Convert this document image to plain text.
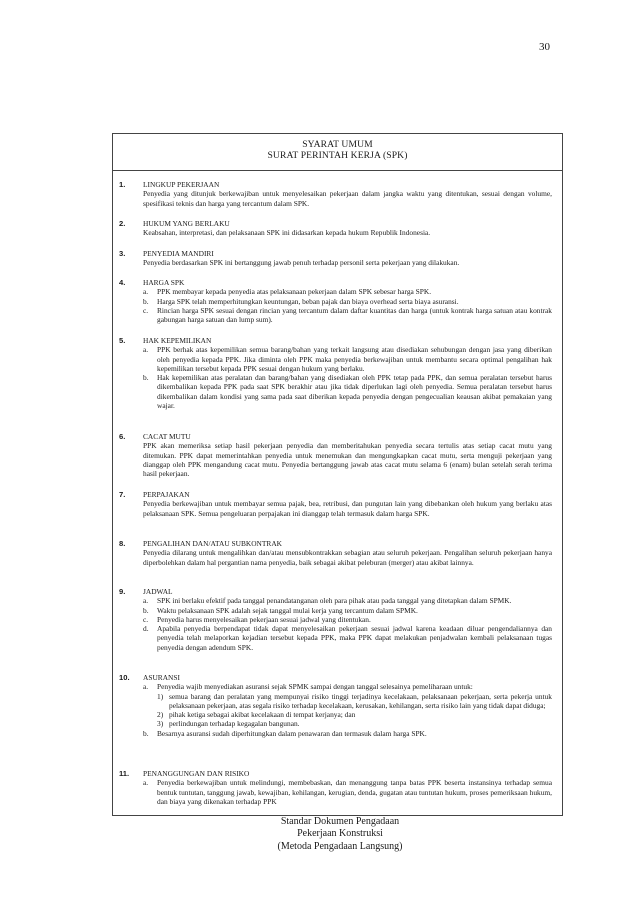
30
SYARAT UMUM
SURAT PERINTAH KERJA (SPK)
1. LINGKUP PEKERJAAN
Penyedia yang ditunjuk berkewajiban untuk menyelesaikan pekerjaan dalam jangka waktu yang ditentukan, sesuai dengan volume, spesifikasi teknis dan harga yang tercantum dalam SPK.
2. HUKUM YANG BERLAKU
Keabsahan, interpretasi, dan pelaksanaan SPK ini didasarkan kepada hukum Republik Indonesia.
3. PENYEDIA MANDIRI
Penyedia berdasarkan SPK ini bertanggung jawab penuh terhadap personil serta pekerjaan yang dilakukan.
4. HARGA SPK
a. PPK membayar kepada penyedia atas pelaksanaan pekerjaan dalam SPK sebesar harga SPK.
b. Harga SPK telah memperhitungkan keuntungan, beban pajak dan biaya overhead serta biaya asuransi.
c. Rincian harga SPK sesuai dengan rincian yang tercantum dalam daftar kuantitas dan harga (untuk kontrak harga satuan atau kontrak gabungan harga satuan dan lump sum).
5. HAK KEPEMILIKAN
a. PPK berhak atas kepemilikan semua barang/bahan yang terkait langsung atau disediakan sehubungan dengan jasa yang diberikan oleh penyedia kepada PPK. Jika diminta oleh PPK maka penyedia berkewajiban untuk membantu secara optimal pengalihan hak kepemilikan tersebut kepada PPK sesuai dengan hukum yang berlaku.
b. Hak kepemilikan atas peralatan dan barang/bahan yang disediakan oleh PPK tetap pada PPK, dan semua peralatan tersebut harus dikembalikan kepada PPK pada saat SPK berakhir atau jika tidak diperlukan lagi oleh penyedia. Semua peralatan tersebut harus dikembalikan dalam kondisi yang sama pada saat diberikan kepada penyedia dengan pengecualian keausan akibat pemakaian yang wajar.
6. CACAT MUTU
PPK akan memeriksa setiap hasil pekerjaan penyedia dan memberitahukan penyedia secara tertulis atas setiap cacat mutu yang ditemukan. PPK dapat memerintahkan penyedia untuk menemukan dan mengungkapkan cacat mutu, serta menguji pekerjaan yang dianggap oleh PPK mengandung cacat mutu. Penyedia bertanggung jawab atas cacat mutu selama 6 (enam) bulan setelah serah terima hasil pekerjaan.
7. PERPAJAKAN
Penyedia berkewajiban untuk membayar semua pajak, bea, retribusi, dan pungutan lain yang dibebankan oleh hukum yang berlaku atas pelaksanaan SPK. Semua pengeluaran perpajakan ini dianggap telah termasuk dalam harga SPK.
8. PENGALIHAN DAN/ATAU SUBKONTRAK
Penyedia dilarang untuk mengalihkan dan/atau mensubkontrakkan sebagian atau seluruh pekerjaan. Pengalihan seluruh pekerjaan hanya diperbolehkan dalam hal pergantian nama penyedia, baik sebagai akibat peleburan (merger) atau akibat lainnya.
9. JADWAL
a. SPK ini berlaku efektif pada tanggal penandatanganan oleh para pihak atau pada tanggal yang ditetapkan dalam SPMK.
b. Waktu pelaksanaan SPK adalah sejak tanggal mulai kerja yang tercantum dalam SPMK.
c. Penyedia harus menyelesaikan pekerjaan sesuai jadwal yang ditentukan.
d. Apabila penyedia berpendapat tidak dapat menyelesaikan pekerjaan sesuai jadwal karena keadaan diluar pengendaliannya dan penyedia telah melaporkan kejadian tersebut kepada PPK, maka PPK dapat melakukan penjadwalan kembali pelaksanaan tugas penyedia dengan adendum SPK.
10. ASURANSI
a. Penyedia wajib menyediakan asuransi sejak SPMK sampai dengan tanggal selesainya pemeliharaan untuk:
1) semua barang dan peralatan yang mempunyai risiko tinggi terjadinya kecelakaan, pelaksanaan pekerjaan, serta pekerja untuk pelaksanaan pekerjaan, atas segala risiko terhadap kecelakaan, kerusakan, kehilangan, serta risiko lain yang tidak dapat diduga;
2) pihak ketiga sebagai akibat kecelakaan di tempat kerjanya; dan
3) perlindungan terhadap kegagalan bangunan.
b. Besarnya asuransi sudah diperhitungkan dalam penawaran dan termasuk dalam harga SPK.
11. PENANGGUNGAN DAN RISIKO
a. Penyedia berkewajiban untuk melindungi, membebaskan, dan menanggung tanpa batas PPK beserta instansinya terhadap semua bentuk tuntutan, tanggung jawab, kewajiban, kehilangan, kerugian, denda, gugatan atau tuntutan hukum, proses pemeriksaan hukum, dan biaya yang dikenakan terhadap PPK
Standar Dokumen Pengadaan
Pekerjaan Konstruksi
(Metoda Pengadaan Langsung)
